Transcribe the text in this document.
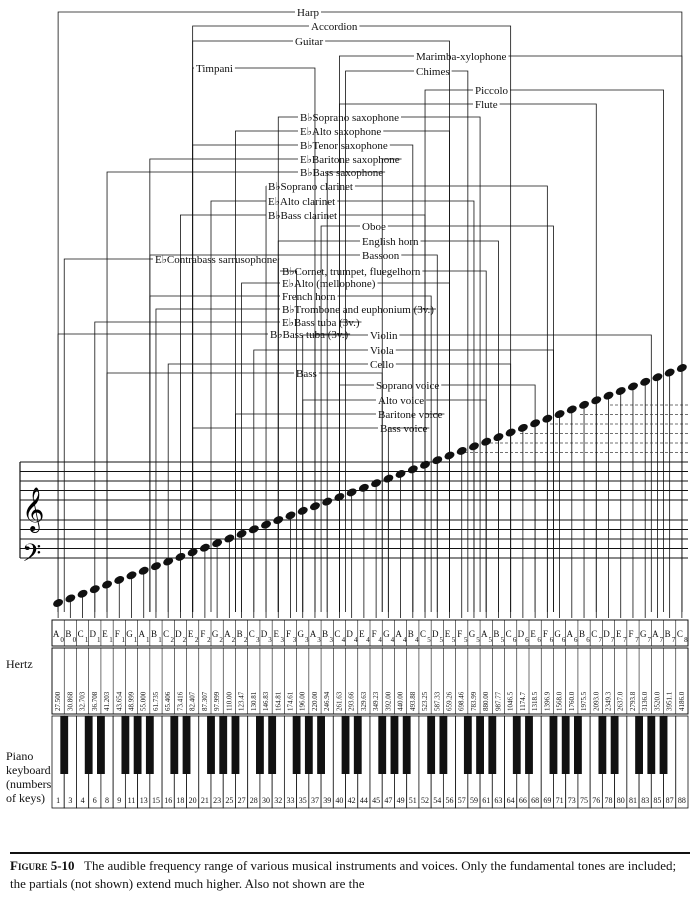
𝄞
𝄢
A
0
B
0
C
1
D
1
E
1
F
1
G
1
A
1
B
1
C
2
D
2
E
2
F
2
G
2
A
2
B
2
C
3
D
3
E
3
F
3
G
3
A
3
B
3
C
4
D
4
E
4
F
4
G
4
A
4
B
4
C
5
D
5
E
5
F
5
G
5
A
5
B
5
C
6
D
6
E
6
F
6
G
6
A
6
B
6
C
7
D
7
E
7
F
7
G
7
A
7
B
7
C
8
27.500 30.868 32.703 36.708 41.203 43.654 48.999 55.000 61.735 65.406 73.416 82.407 87.307 97.999 110.00 123.47 130.81 146.83 164.81 174.61 196.00 220.00 246.94 261.63 293.66 329.63 349.23 392.00 440.00 493.88 523.25 587.33 659.26 698.46 783.99 880.00 987.77 1046.5 1174.7 1318.5 1396.9 1568.0 1760.0 1975.5 2093.0 2349.3 2637.0 2793.8 3136.0 3520.0 3951.1 4186.0
1 3 4 6 8 9 11 13 15 16 18 20 21 23 25 27 28 30 32 33 35 37 39 40 42 44 45 47 49 51 52 54 56 57 59 61 63 64 66 68 69 71 73 75 76 78 80 81 83 85 87 88
Harp
Accordion
Guitar
Marimba-xylophone
Chimes
Timpani
Piccolo
Flute
B♭Soprano saxophone
E♭Alto saxophone
B♭Tenor saxophone
E♭Baritone saxophone
B♭Bass saxophone
B♭Soprano clarinet
E♭Alto clarinet
B♭Bass clarinet
Oboe
English horn
Bassoon
E♭Contrabass sarrusophone
B♭Cornet, trumpet, fluegelhorn
E♭Alto (mellophone)
French horn
B♭Trombone and euphonium (3v.)
E♭Bass tuba (3v.)
B♭Bass tuba (3v.) Violin
Viola
Cello
Bass
Soprano voice
Alto voice
Baritone voice
Bass voice
Hertz
Piano
keyboard
(numbers
of keys)
Figure 5-10 The audible frequency range of various musical instruments and voices. Only the fundamental tones are included; the partials (not shown) extend much higher. Also not shown are the
